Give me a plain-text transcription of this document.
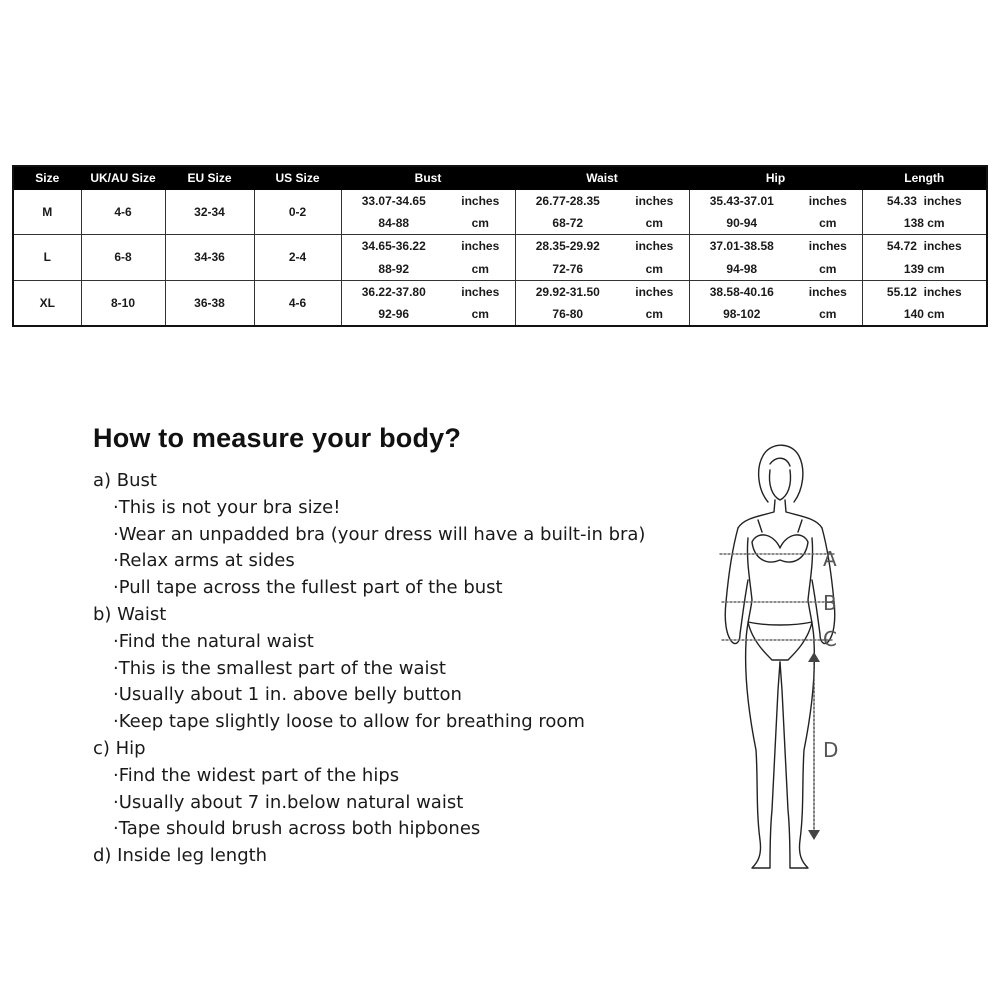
Size	UK/AU Size	EU Size	US Size	Bust		Waist		Hip		Length
M	4-6	32-34	0-2	33.07-34.65	inches	26.77-28.35	inches	35.43-37.01	inches	54.33  inches
				84-88	cm	68-72	cm	90-94	cm	138 cm
L	6-8	34-36	2-4	34.65-36.22	inches	28.35-29.92	inches	37.01-38.58	inches	54.72  inches
				88-92	cm	72-76	cm	94-98	cm	139 cm
XL	8-10	36-38	4-6	36.22-37.80	inches	29.92-31.50	inches	38.58-40.16	inches	55.12  inches
				92-96	cm	76-80	cm	98-102	cm	140 cm
How to measure your body?
a) Bust
·This is not your bra size!
·Wear an unpadded bra (your dress will have a built-in bra)
·Relax arms at sides
·Pull tape across the fullest part of the bust
b) Waist
·Find the natural waist
·This is the smallest part of the waist
·Usually about 1 in. above belly button
·Keep tape slightly loose to allow for breathing room
c) Hip
·Find the widest part of the hips
·Usually about 7 in.below natural waist
·Tape should brush across both hipbones
d) Inside leg length
A
B
C
D
